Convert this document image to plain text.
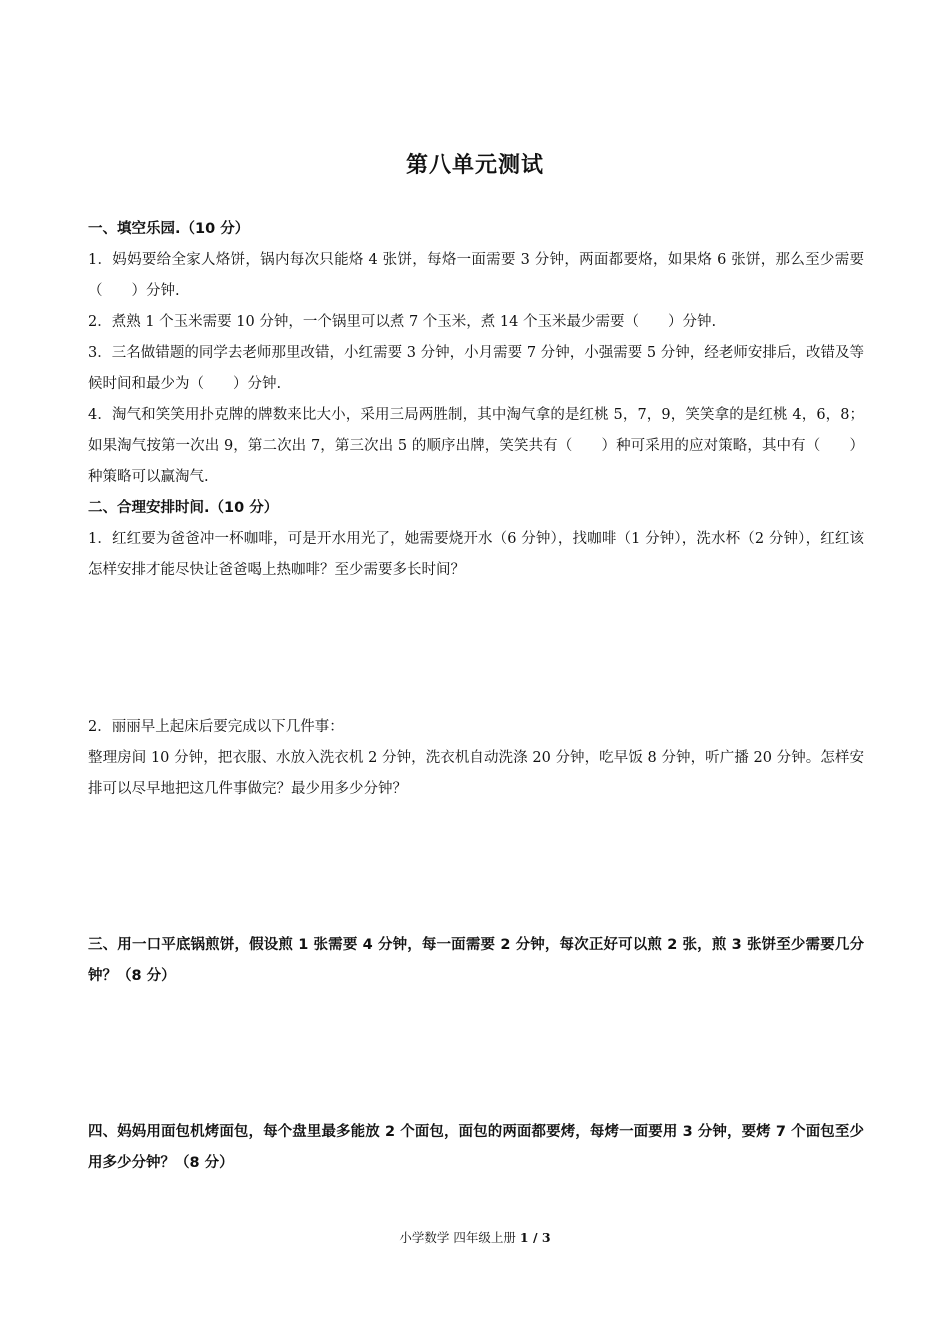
第八单元测试
一、填空乐园.（10 分）
1．妈妈要给全家人烙饼，锅内每次只能烙 4 张饼，每烙一面需要 3 分钟，两面都要烙，如果烙 6 张饼，那么至少需要（　　）分钟.
2．煮熟 1 个玉米需要 10 分钟，一个锅里可以煮 7 个玉米，煮 14 个玉米最少需要（　　）分钟.
3．三名做错题的同学去老师那里改错，小红需要 3 分钟，小月需要 7 分钟，小强需要 5 分钟，经老师安排后，改错及等候时间和最少为（　　）分钟.
4．淘气和笑笑用扑克牌的牌数来比大小，采用三局两胜制，其中淘气拿的是红桃 5，7，9，笑笑拿的是红桃 4，6，8；如果淘气按第一次出 9，第二次出 7，第三次出 5 的顺序出牌，笑笑共有（　　）种可采用的应对策略，其中有（　　）种策略可以赢淘气.
二、合理安排时间.（10 分）
1．红红要为爸爸冲一杯咖啡，可是开水用光了，她需要烧开水（6 分钟），找咖啡（1 分钟），洗水杯（2 分钟），红红该怎样安排才能尽快让爸爸喝上热咖啡？至少需要多长时间？
2．丽丽早上起床后要完成以下几件事：
整理房间 10 分钟，把衣服、水放入洗衣机 2 分钟，洗衣机自动洗涤 20 分钟，吃早饭 8 分钟，听广播 20 分钟。怎样安排可以尽早地把这几件事做完？最少用多少分钟？
三、用一口平底锅煎饼，假设煎 1 张需要 4 分钟，每一面需要 2 分钟，每次正好可以煎 2 张，煎 3 张饼至少需要几分钟？（8 分）
四、妈妈用面包机烤面包，每个盘里最多能放 2 个面包，面包的两面都要烤，每烤一面要用 3 分钟，要烤 7 个面包至少用多少分钟？（8 分）
小学数学 四年级上册 1 / 3
